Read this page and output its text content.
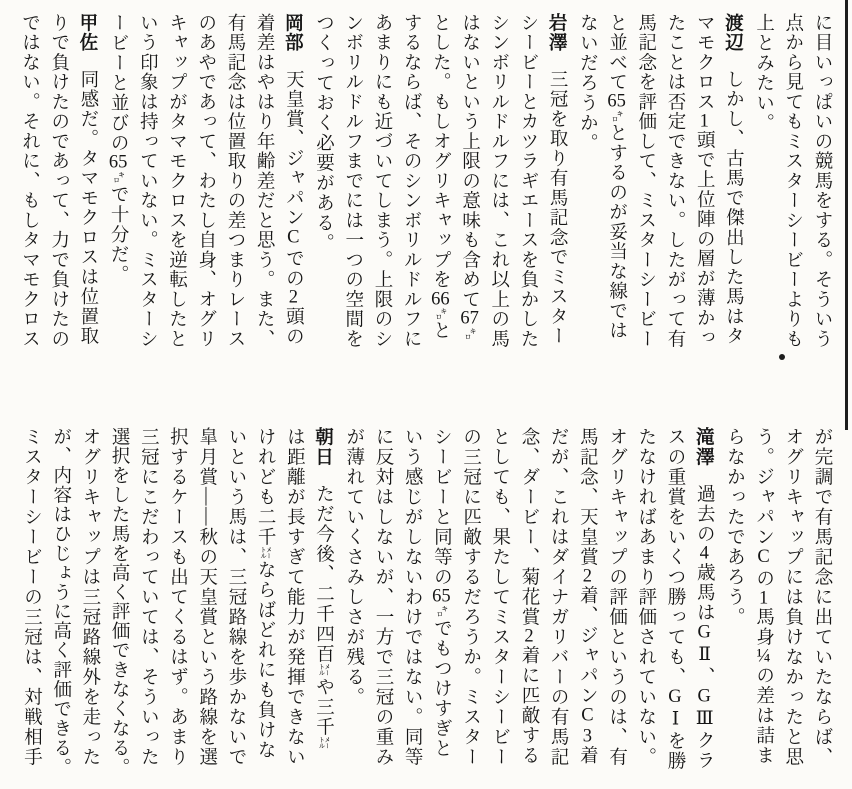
に目いっぱいの競馬をする。そういう
点から見てもミスターシービーよりも
上とみたい。
渡辺しかし、古馬で傑出した馬はタ
マモクロス1頭で上位陣の層が薄かっ
たことは否定できない。したがって有
馬記念を評価して、ミスターシービー
と並べて65㌔とするのが妥当な線では
ないだろうか。
岩澤三冠を取り有馬記念でミスター
シービーとカツラギエースを負かした
シンボリルドルフには、これ以上の馬
はないという上限の意味も含めて67㌔
とした。もしオグリキャップを66㌔と
するならば、そのシンボリルドルフに
あまりにも近づいてしまう。上限のシ
ンボリルドルフまでには一つの空間を
つくっておく必要がある。
岡部天皇賞、ジャパンCでの2頭の
着差はやはり年齢差だと思う。また、
有馬記念は位置取りの差つまりレース
のあやであって、わたし自身、オグリ
キャップがタマモクロスを逆転したと
いう印象は持っていない。ミスターシ
ービーと並びの65㌔で十分だ。
甲佐同感だ。タマモクロスは位置取
りで負けたのであって、力で負けたの
ではない。それに、もしタマモクロス
が完調で有馬記念に出ていたならば、
オグリキャップには負けなかったと思
う。ジャパンCの1馬身¼の差は詰ま
らなかったであろう。
滝澤過去の4歳馬はGⅡ、GⅢクラ
スの重賞をいくつ勝っても、GⅠを勝
たなければあまり評価されていない。
オグリキャップの評価というのは、有
馬記念、天皇賞2着、ジャパンC3着
だが、これはダイナガリバーの有馬記
念、ダービー、菊花賞2着に匹敵する
としても、果たしてミスターシービー
の三冠に匹敵するだろうか。ミスター
シービーと同等の65㌔でもつけすぎと
いう感じがしないわけではない。同等
に反対はしないが、一方で三冠の重み
が薄れていくさみしさが残る。
朝日ただ今後、二千四百㍍や三千㍍
は距離が長すぎて能力が発揮できない
けれども二千㍍ならばどれにも負けな
いという馬は、三冠路線を歩かないで
皐月賞――秋の天皇賞という路線を選
択するケースも出てくるはず。あまり
三冠にこだわっていては、そういった
選択をした馬を高く評価できなくなる。
オグリキャップは三冠路線外を走った
が、内容はひじょうに高く評価できる。
ミスターシービーの三冠は、対戦相手
